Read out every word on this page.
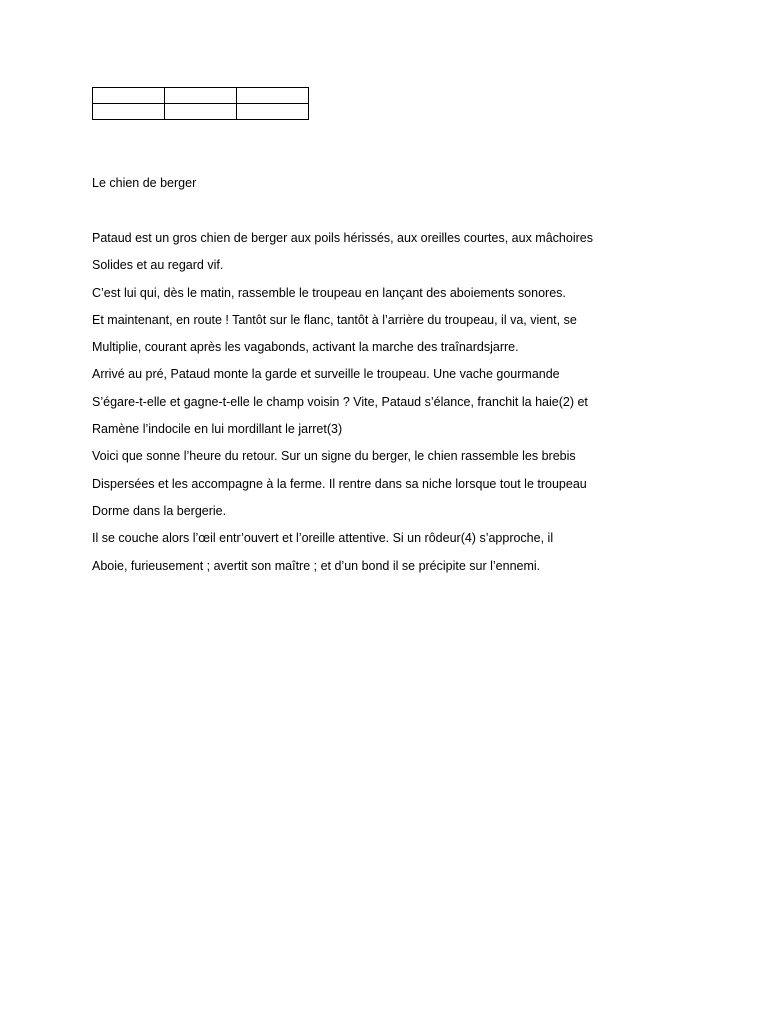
Le chien de berger
Pataud est un gros chien de berger aux poils hérissés, aux oreilles courtes, aux mâchoires
Solides et au regard vif.
C’est lui qui, dès le matin, rassemble le troupeau en lançant des aboiements sonores.
Et maintenant, en route ! Tantôt sur le flanc, tantôt à l’arrière du troupeau, il va, vient, se
Multiplie, courant après les vagabonds, activant la marche des traînardsjarre.
Arrivé au pré, Pataud monte la garde et surveille le troupeau. Une vache gourmande
S’égare-t-elle et gagne-t-elle le champ voisin ? Vite, Pataud s’élance, franchit la haie(2) et
Ramène l’indocile en lui mordillant le jarret(3)
Voici que sonne l’heure du retour. Sur un signe du berger, le chien rassemble les brebis
Dispersées et les accompagne à la ferme. Il rentre dans sa niche lorsque tout le troupeau
Dorme dans la bergerie.
Il se couche alors l’œil entr’ouvert et l’oreille attentive. Si un rôdeur(4) s’approche, il
Aboie, furieusement ; avertit son maître ; et d’un bond il se précipite sur l’ennemi.
